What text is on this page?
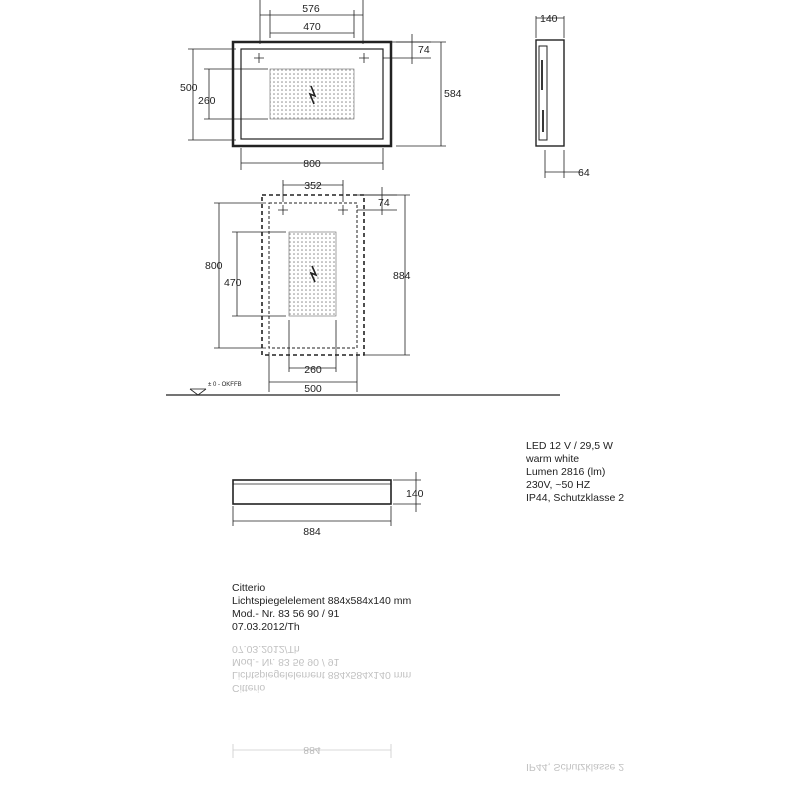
576
470
74
500
260
584
800
140
64
352
74
800
470
884
260
500
± 0 - OKFFB
884
140
884
LED 12 V / 29,5 W
warm white
Lumen 2816 (lm)
230V, ~50 HZ
IP44, Schutzklasse 2
Citterio
Lichtspiegelelement 884x584x140 mm
Mod.- Nr. 83 56 90 / 91
07.03.2012/Th
Citterio
Lichtspiegelelement 884x584x140 mm
Mod.- Nr. 83 56 90 / 91
07.03.2012/Th
IP44, Schutzklasse 2
